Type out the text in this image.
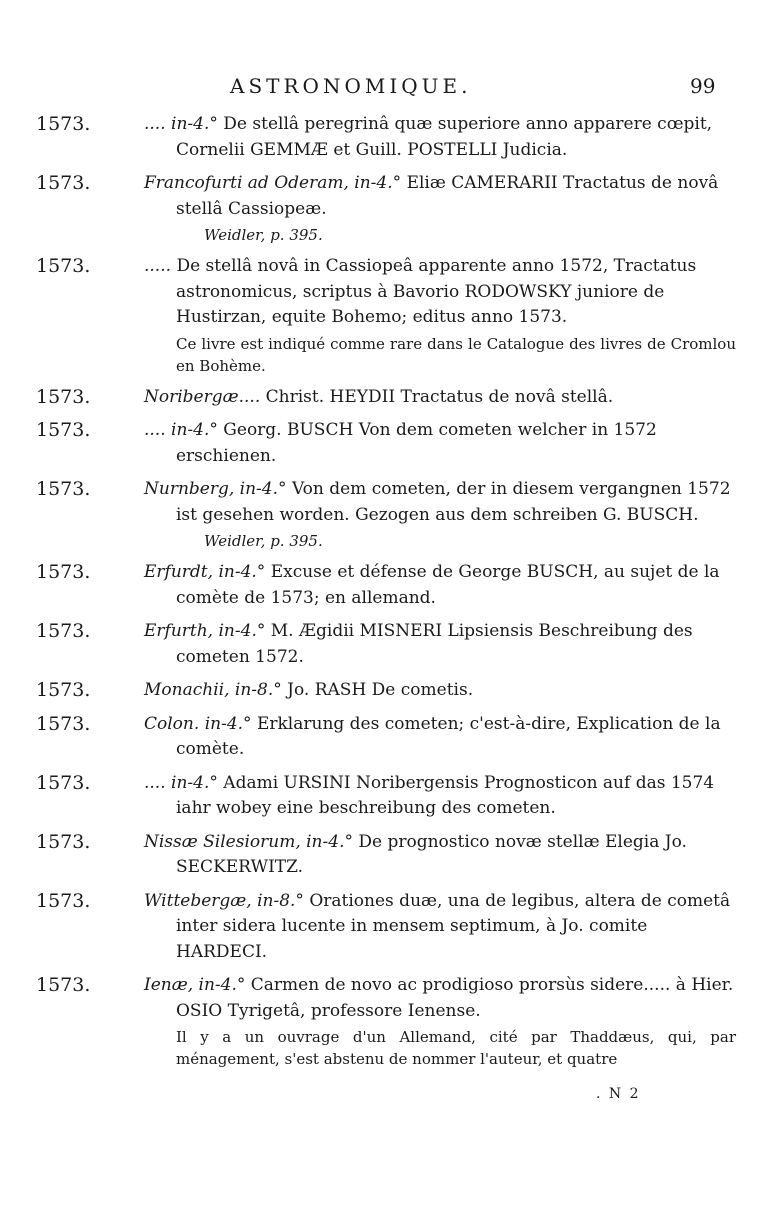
ASTRONOMIQUE.	99
1573.	.... in-4.° De stellâ peregrinâ quæ superiore anno apparere cœpit, Cornelii GEMMÆ et Guill. POSTELLI Judicia.
1573.	Francofurti ad Oderam, in-4.° Eliæ CAMERARII Tractatus de novâ stellâ Cassiopeæ.
Weidler, p. 395.
1573.	..... De stellâ novâ in Cassiopeâ apparente anno 1572, Tractatus astronomicus, scriptus à Bavorio RODOWSKY juniore de Hustirzan, equite Bohemo; editus anno 1573.
Ce livre est indiqué comme rare dans le Catalogue des livres de Cromlou en Bohème.
1573.	Noribergæ.... Christ. HEYDII Tractatus de novâ stellâ.
1573.	.... in-4.° Georg. BUSCH Von dem cometen welcher in 1572 erschienen.
1573.	Nurnberg, in-4.° Von dem cometen, der in diesem vergangnen 1572 ist gesehen worden. Gezogen aus dem schreiben G. BUSCH.
Weidler, p. 395.
1573.	Erfurdt, in-4.° Excuse et défense de George BUSCH, au sujet de la comète de 1573; en allemand.
1573.	Erfurth, in-4.° M. Ægidii MISNERI Lipsiensis Beschreibung des cometen 1572.
1573.	Monachii, in-8.° Jo. RASH De cometis.
1573.	Colon. in-4.° Erklarung des cometen; c'est-à-dire, Explication de la comète.
1573.	.... in-4.° Adami URSINI Noribergensis Prognosticon auf das 1574 iahr wobey eine beschreibung des cometen.
1573.	Nissæ Silesiorum, in-4.° De prognostico novæ stellæ Elegia Jo. SECKERWITZ.
1573.	Wittebergæ, in-8.° Orationes duæ, una de legibus, altera de cometâ inter sidera lucente in mensem septimum, à Jo. comite HARDECI.
1573.	Ienæ, in-4.° Carmen de novo ac prodigioso prorsùs sidere..... à Hier. OSIO Tyrigetâ, professore Ienense.
Il y a un ouvrage d'un Allemand, cité par Thaddæus, qui, par ménagement, s'est abstenu de nommer l'auteur, et quatre
. N 2
